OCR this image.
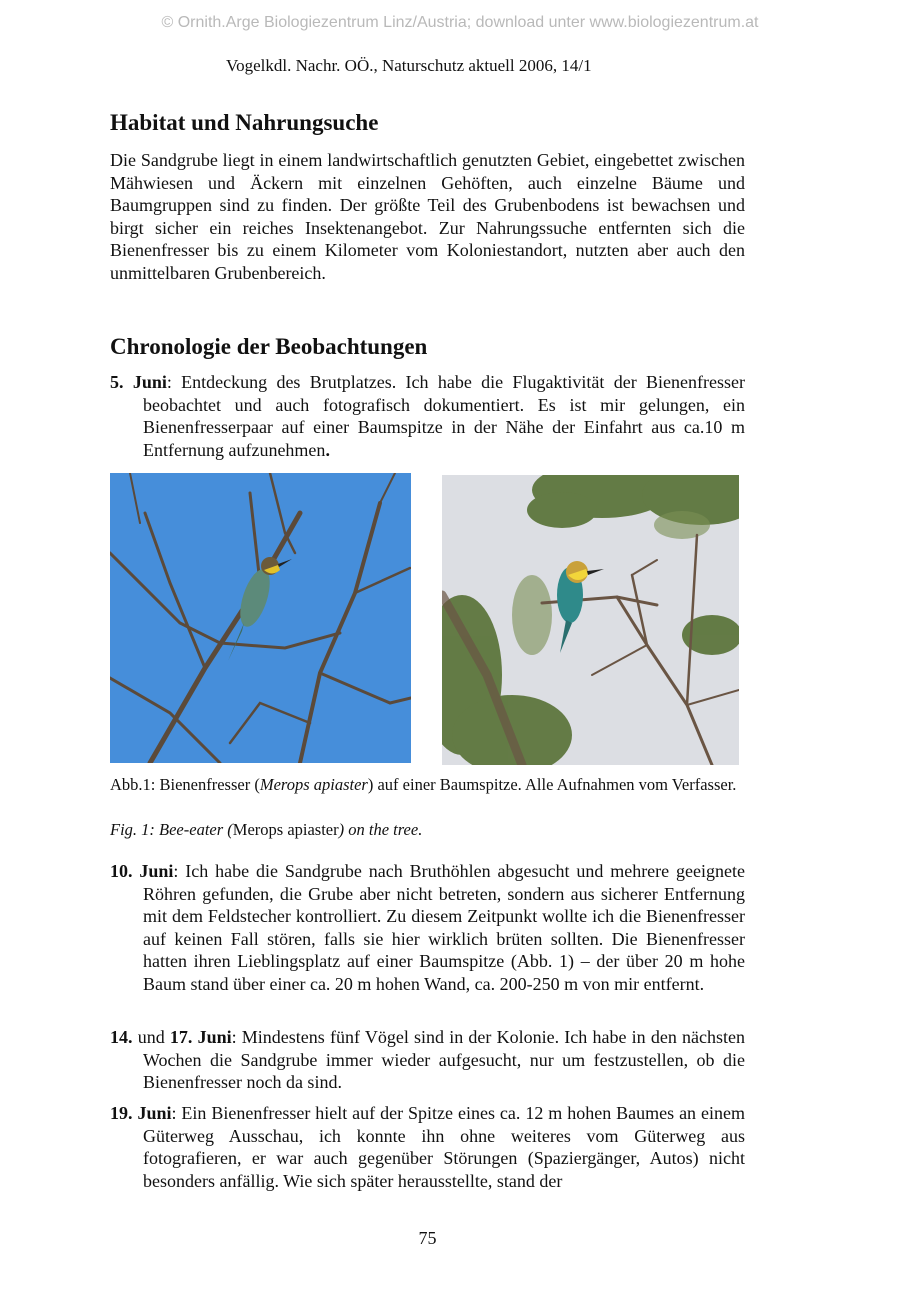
© Ornith.Arge Biologiezentrum Linz/Austria; download unter www.biologiezentrum.at
Vogelkdl. Nachr. OÖ., Naturschutz aktuell 2006, 14/1
Habitat und Nahrungsuche

Die Sandgrube liegt in einem landwirtschaftlich genutzten Gebiet, eingebettet zwischen Mähwiesen und Äckern mit einzelnen Gehöften, auch einzelne Bäume und Baumgruppen sind zu finden. Der größte Teil des Grubenbodens ist bewachsen und birgt sicher ein reiches Insektenangebot. Zur Nahrungssuche entfernten sich die Bienenfresser bis zu einem Kilometer vom Koloniestandort, nutzten aber auch den unmittelbaren Grubenbereich.

Chronologie der Beobachtungen

5. Juni: Entdeckung des Brutplatzes. Ich habe die Flugaktivität der Bienenfresser beobachtet und auch fotografisch dokumentiert. Es ist mir gelungen, ein Bienenfresserpaar auf einer Baumspitze in der Nähe der Einfahrt aus ca.10 m Entfernung aufzunehmen.

Abb.1: Bienenfresser (Merops apiaster) auf einer Baumspitze. Alle Aufnahmen vom Verfasser.
Fig. 1: Bee-eater (Merops apiaster) on the tree.

10. Juni: Ich habe die Sandgrube nach Bruthöhlen abgesucht und mehrere geeignete Röhren gefunden, die Grube aber nicht betreten, sondern aus sicherer Entfernung mit dem Feldstecher kontrolliert. Zu diesem Zeitpunkt wollte ich die Bienenfresser auf keinen Fall stören, falls sie hier wirklich brüten sollten. Die Bienenfresser hatten ihren Lieblingsplatz auf einer Baumspitze (Abb. 1) – der über 20 m hohe Baum stand über einer ca. 20 m hohen Wand, ca. 200-250 m von mir entfernt.

14. und 17. Juni: Mindestens fünf Vögel sind in der Kolonie. Ich habe in den nächsten Wochen die Sandgrube immer wieder aufgesucht, nur um festzustellen, ob die Bienenfresser noch da sind.

19. Juni: Ein Bienenfresser hielt auf der Spitze eines ca. 12 m hohen Baumes an einem Güterweg Ausschau, ich konnte ihn ohne weiteres vom Güterweg aus fotografieren, er war auch gegenüber Störungen (Spaziergänger, Autos) nicht besonders anfällig. Wie sich später herausstellte, stand der

75
